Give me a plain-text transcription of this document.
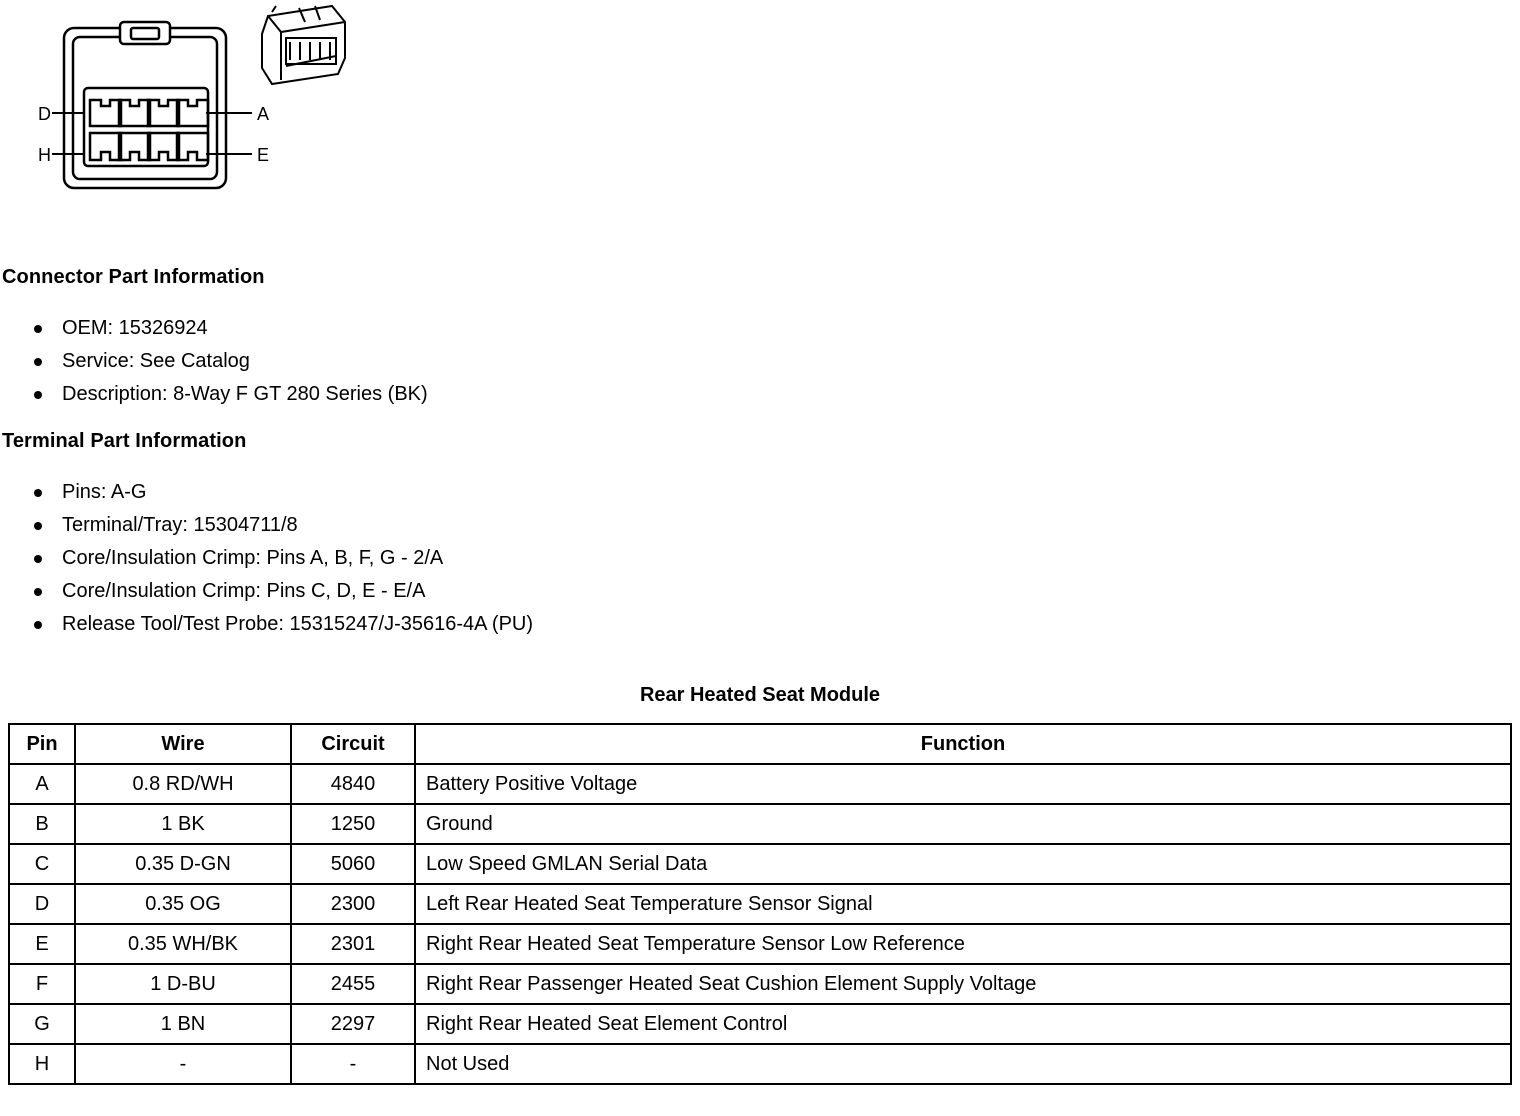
D	A
H	E
Connector Part Information
OEM: 15326924
Service: See Catalog
Description: 8-Way F GT 280 Series (BK)
Terminal Part Information
Pins: A-G
Terminal/Tray: 15304711/8
Core/Insulation Crimp: Pins A, B, F, G - 2/A
Core/Insulation Crimp: Pins C, D, E - E/A
Release Tool/Test Probe: 15315247/J-35616-4A (PU)
Rear Heated Seat Module
Pin	Wire	Circuit	Function
A	0.8 RD/WH	4840	Battery Positive Voltage
B	1 BK	1250	Ground
C	0.35 D-GN	5060	Low Speed GMLAN Serial Data
D	0.35 OG	2300	Left Rear Heated Seat Temperature Sensor Signal
E	0.35 WH/BK	2301	Right Rear Heated Seat Temperature Sensor Low Reference
F	1 D-BU	2455	Right Rear Passenger Heated Seat Cushion Element Supply Voltage
G	1 BN	2297	Right Rear Heated Seat Element Control
H	-	-	Not Used
